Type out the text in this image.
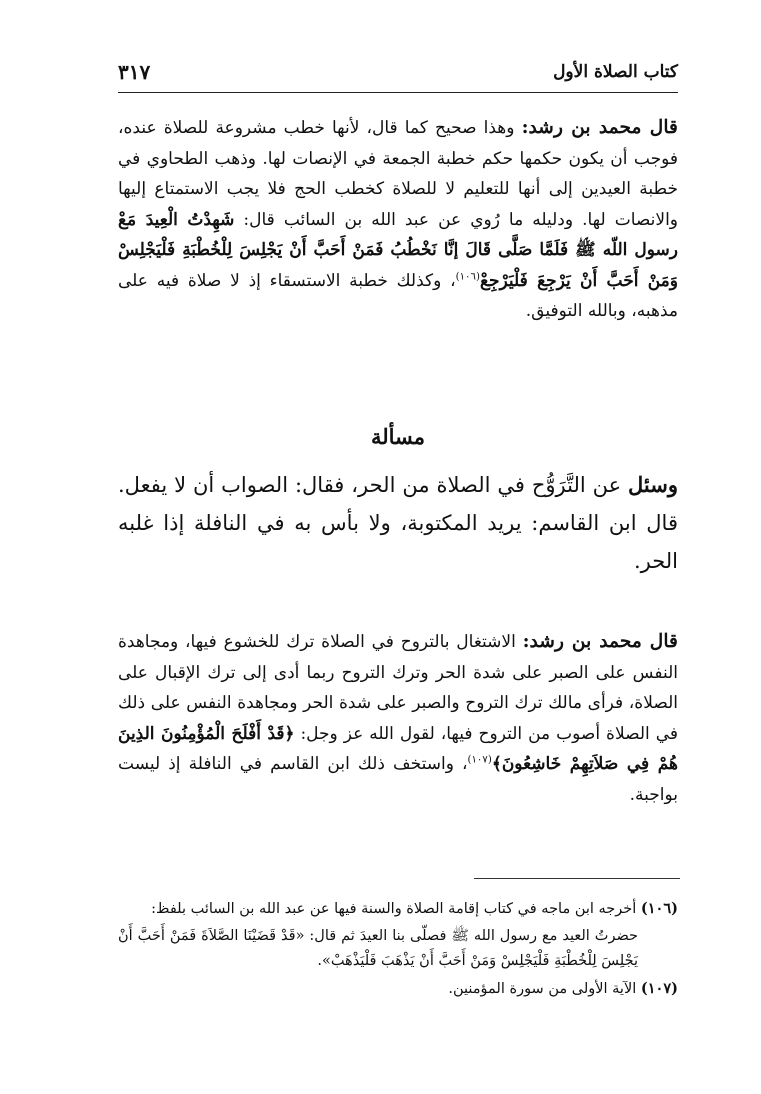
كتاب الصلاة الأول
٣١٧

قال محمد بن رشد: وهذا صحيح كما قال، لأنها خطب مشروعة للصلاة عنده، فوجب أن يكون حكمها حكم خطبة الجمعة في الإنصات لها. وذهب الطحاوي في خطبة العيدين إلى أنها للتعليم لا للصلاة كخطب الحج فلا يجب الاستمتاع إليها والانصات لها. ودليله ما رُوي عن عبد الله بن السائب قال: شَهِدْتُ الْعِيدَ مَعْ رسول اللّه ﷺ فَلَمَّا صَلَّى قَالَ إنَّا نَخْطُبُ فَمَنْ أَحَبَّ أَنْ يَجْلِسَ لِلْخُطْبَةِ فَلْيَجْلِسْ وَمَنْ أَحَبَّ أَنْ يَرْجِعَ فَلْيَرْجِعْ$^{(١٠٦)}$، وكذلك خطبة الاستسقاء إذ لا صلاة فيه على مذهبه، وبالله التوفيق.

مسألة

وسئل عن التَّرَوُّح في الصلاة من الحر، فقال: الصواب أن لا يفعل. قال ابن القاسم: يريد المكتوبة، ولا بأس به في النافلة إذا غلبه الحر.

قال محمد بن رشد: الاشتغال بالتروح في الصلاة ترك للخشوع فيها، ومجاهدة النفس على الصبر على شدة الحر وترك التروح ربما أدى إلى ترك الإقبال على الصلاة، فرأى مالك ترك التروح والصبر على شدة الحر ومجاهدة النفس على ذلك في الصلاة أصوب من التروح فيها، لقول الله عز وجل: ﴿قَدْ أَفْلَحَ الْمُؤْمِنُونَ الذِينَ هُمْ فِي صَلاَتِهِمْ خَاشِعُونَ﴾$^{(١٠٧)}$، واستخف ذلك ابن القاسم في النافلة إذ ليست بواجبة.

(١٠٦) أخرجه ابن ماجه في كتاب إقامة الصلاة والسنة فيها عن عبد الله بن السائب بلفظ:

حضرتُ العيد مع رسول الله ﷺ فصلّى بنا العيدَ ثم قال: «قَدْ قَضَيْنَا الصَّلاَةَ فَمَنْ أَحَبَّ أَنْ يَجْلِسَ لِلْخُطْبَةِ فَلْيَجْلِسْ وَمَنْ أَحَبَّ أَنْ يَذْهَبَ فَلْيَذْهَبْ».

(١٠٧) الآية الأولى من سورة المؤمنين.
